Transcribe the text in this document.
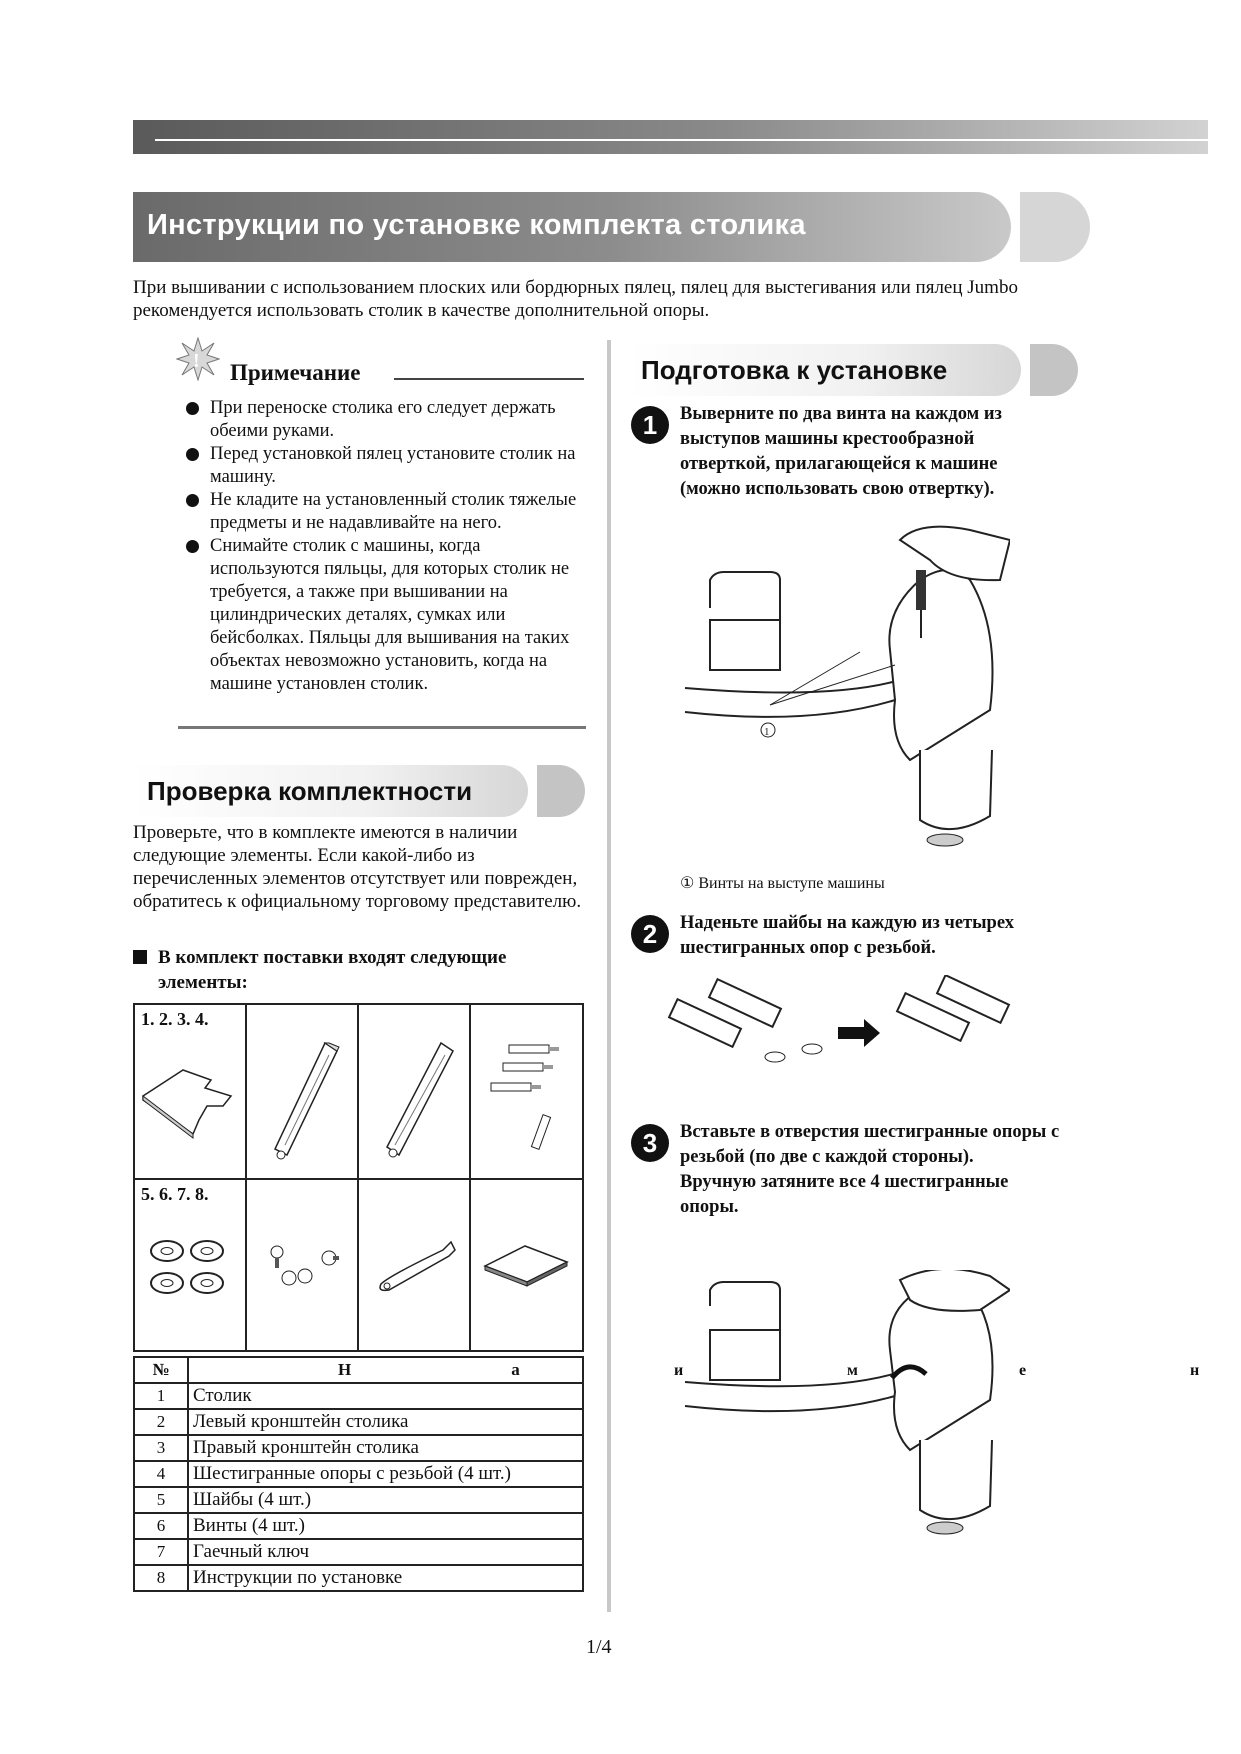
Инструкции по установке комплекта столика
При вышивании с использованием плоских или бордюрных пялец, пялец для выстегивания или пялец Jumbo
рекомендуется использовать столик в качестве дополнительной опоры.
! Примечание
При переноске столика его следует держать обеими руками.
Перед установкой пялец установите столик на машину.
Не кладите на установленный столик тяжелые предметы и не надавливайте на него.
Снимайте столик с машины, когда используются пяльцы, для которых столик не требуется, а также при вышивании на цилиндрических деталях, сумках или бейсболках. Пяльцы для вышивания на таких объектах невозможно установить, когда на машине установлен столик.
Проверка комплектности
Проверьте, что в комплекте имеются в наличии следующие элементы. Если какой-либо из перечисленных элементов отсутствует или поврежден, обратитесь к официальному торговому представителю.
В комплект поставки входят следующие элементы:
1. 2. 3. 4.

5. 6. 7. 8.

№	Н а
1	Столик
2	Левый кронштейн столика
3	Правый кронштейн столика
4	Шестигранные опоры с резьбой (4 шт.)
5	Шайбы (4 шт.)
6	Винты (4 шт.)
7	Гаечный ключ
8	Инструкции по установке
Подготовка к установке
1	Выверните по два винта на каждом из выступов машины крестообразной отверткой, прилагающейся к машине (можно использовать свою отвертку).
1
① Винты на выступе машины
2	Наденьте шайбы на каждую из четырех шестигранных опор с резьбой.
3	Вставьте в отверстия шестигранные опоры с резьбой (по две с каждой стороны).
Вручную затяните все 4 шестигранные опоры.
и	м	е	н
1/4
